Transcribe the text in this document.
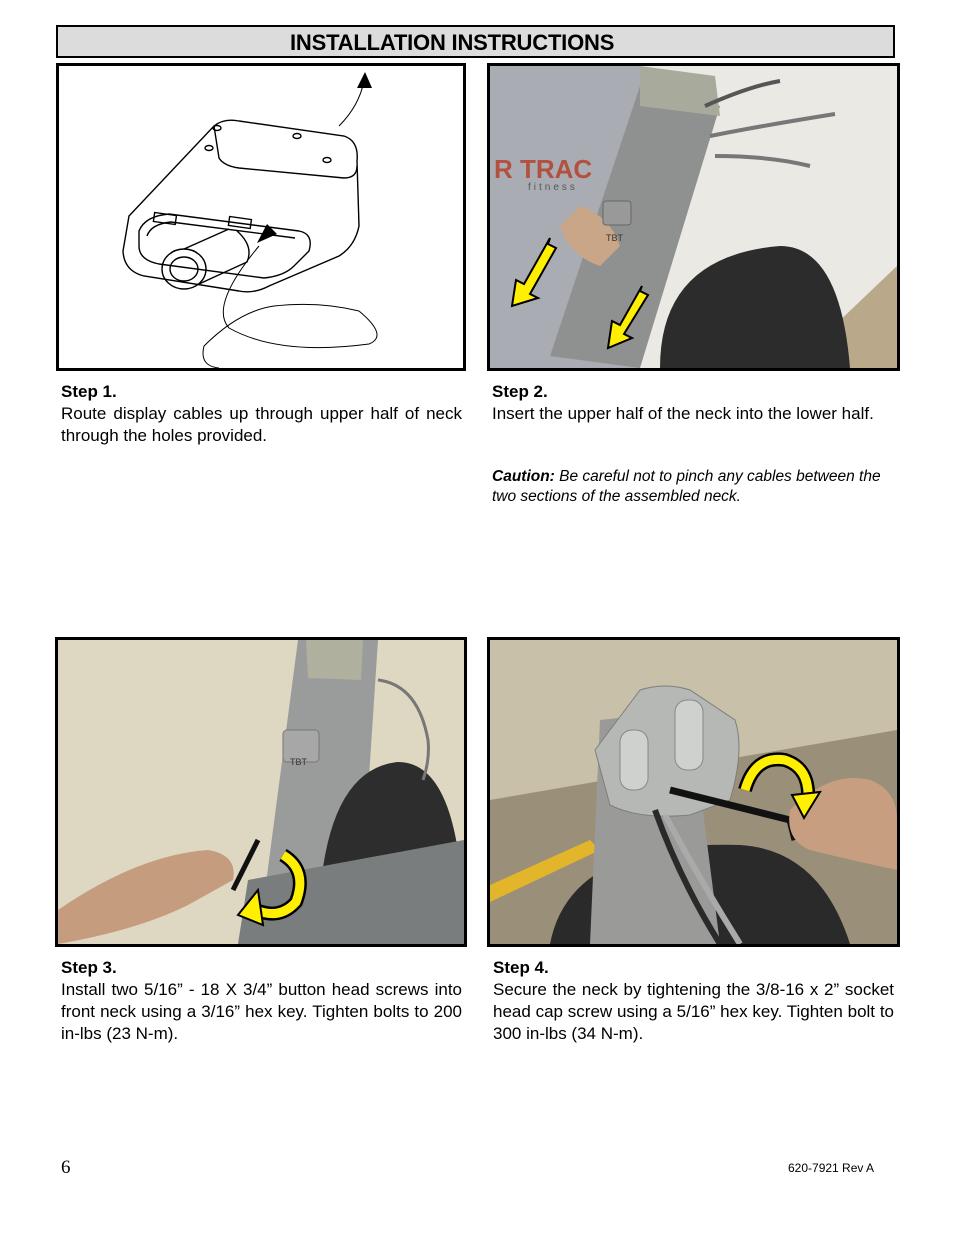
INSTALLATION INSTRUCTIONS
R TRAC
fitness
TBT
TBT
Step 1.
Route display cables up through upper half of neck through the holes provided.
Step 2.
Insert the upper half of the neck into the lower half.
Caution: Be careful not to pinch any cables between the two sections of the assembled neck.
Step 3.
Install two 5/16” - 18 X 3/4” button head screws into front neck using a 3/16” hex key. Tighten bolts to 200 in-lbs (23 N-m).
Step 4.
Secure the neck by tightening the 3/8-16 x 2” socket head cap screw using a 5/16” hex key. Tighten bolt to 300 in-lbs (34 N-m).
6	620-7921 Rev A
